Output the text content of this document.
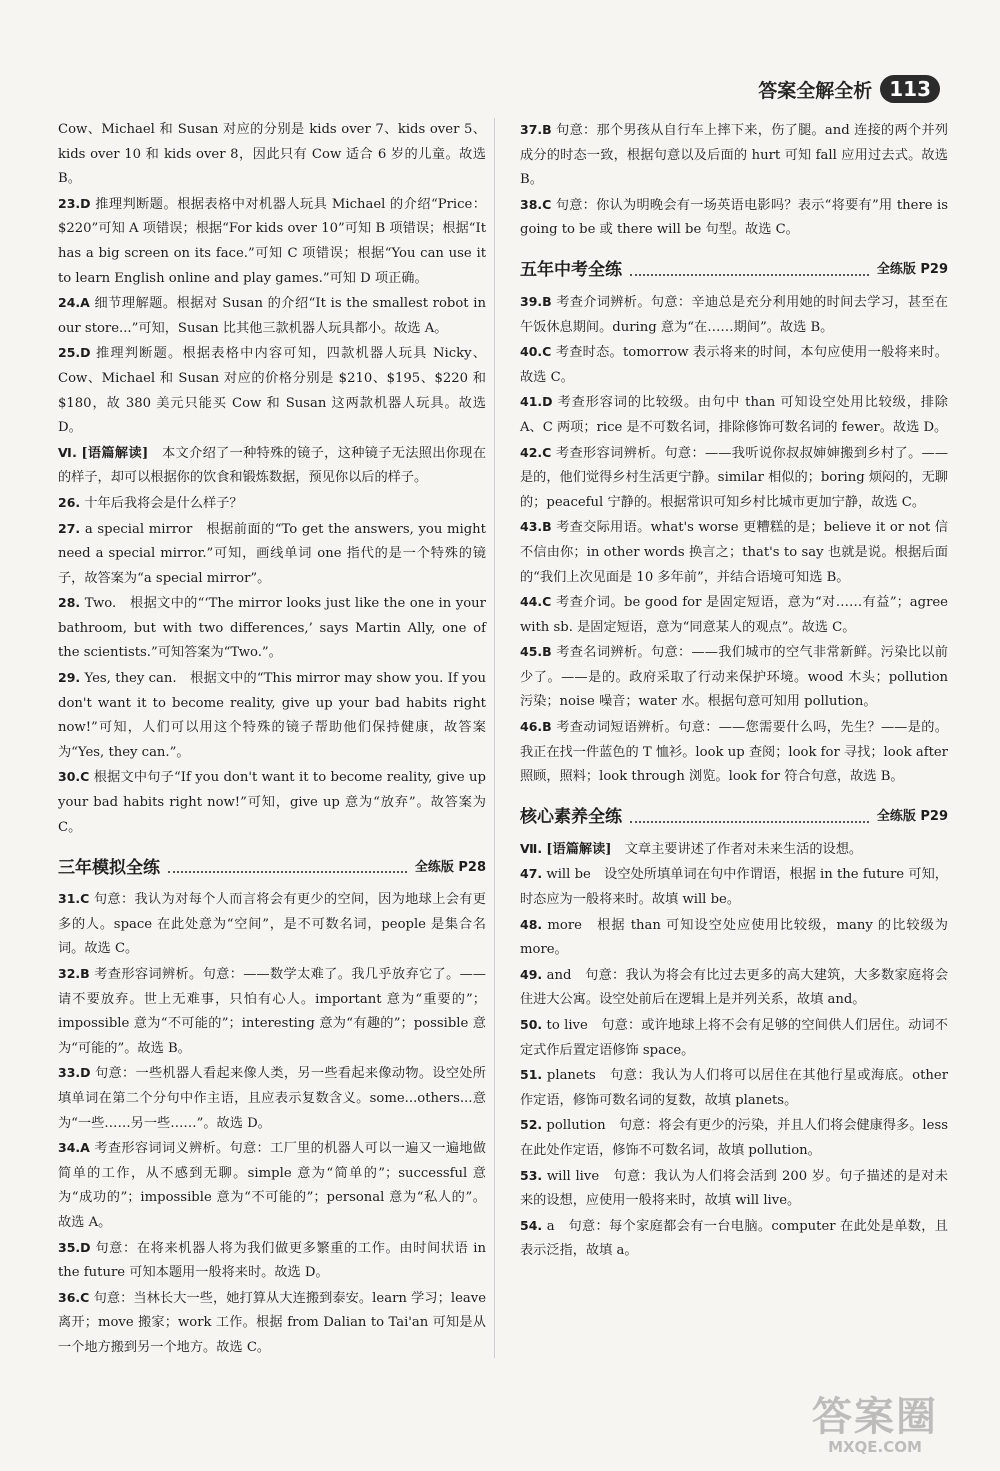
答案全解全析 113

Cow、Michael 和 Susan 对应的分别是 kids over 7、kids over 5、kids over 10 和 kids over 8，因此只有 Cow 适合 6 岁的儿童。故选 B。

23.D 推理判断题。根据表格中对机器人玩具 Michael 的介绍“Price：$220”可知 A 项错误；根据“For kids over 10”可知 B 项错误；根据“It has a big screen on its face.”可知 C 项错误；根据“You can use it to learn English online and play games.”可知 D 项正确。

24.A 细节理解题。根据对 Susan 的介绍“It is the smallest robot in our store...”可知，Susan 比其他三款机器人玩具都小。故选 A。

25.D 推理判断题。根据表格中内容可知，四款机器人玩具 Nicky、Cow、Michael 和 Susan 对应的价格分别是 $210、$195、$220 和 $180，故 380 美元只能买 Cow 和 Susan 这两款机器人玩具。故选 D。

Ⅵ. [语篇解读]　 本文介绍了一种特殊的镜子，这种镜子无法照出你现在的样子，却可以根据你的饮食和锻炼数据，预见你以后的样子。

26. 十年后我将会是什么样子？

27. a special mirror　根据前面的“To get the answers, you might need a special mirror.”可知，画线单词 one 指代的是一个特殊的镜子，故答案为“a special mirror”。

28. Two.　根据文中的“‘The mirror looks just like the one in your bathroom, but with two differences,’ says Martin Ally, one of the scientists.”可知答案为“Two.”。

29. Yes, they can.　根据文中的“This mirror may show you. If you don't want it to become reality, give up your bad habits right now!”可知，人们可以用这个特殊的镜子帮助他们保持健康，故答案为“Yes, they can.”。

30.C 根据文中句子“If you don't want it to become reality, give up your bad habits right now!”可知，give up 意为“放弃”。故答案为 C。

三年模拟全练	全练版 P28

31.C 句意：我认为对每个人而言将会有更少的空间，因为地球上会有更多的人。space 在此处意为“空间”，是不可数名词，people 是集合名词。故选 C。

32.B 考查形容词辨析。句意：——数学太难了。我几乎放弃它了。——请不要放弃。世上无难事，只怕有心人。important 意为“重要的”；impossible 意为“不可能的”；interesting 意为“有趣的”；possible 意为“可能的”。故选 B。

33.D 句意：一些机器人看起来像人类，另一些看起来像动物。设空处所填单词在第二个分句中作主语，且应表示复数含义。some...others...意为“一些……另一些……”。故选 D。

34.A 考查形容词词义辨析。句意：工厂里的机器人可以一遍又一遍地做简单的工作，从不感到无聊。simple 意为“简单的”；successful 意为“成功的”；impossible 意为“不可能的”；personal 意为“私人的”。故选 A。

35.D 句意：在将来机器人将为我们做更多繁重的工作。由时间状语 in the future 可知本题用一般将来时。故选 D。

36.C 句意：当林长大一些，她打算从大连搬到泰安。learn 学习；leave 离开；move 搬家；work 工作。根据 from Dalian to Tai'an 可知是从一个地方搬到另一个地方。故选 C。

37.B 句意：那个男孩从自行车上摔下来，伤了腿。and 连接的两个并列成分的时态一致，根据句意以及后面的 hurt 可知 fall 应用过去式。故选 B。

38.C 句意：你认为明晚会有一场英语电影吗？表示“将要有”用 there is going to be 或 there will be 句型。故选 C。

五年中考全练	全练版 P29

39.B 考查介词辨析。句意：辛迪总是充分利用她的时间去学习，甚至在午饭休息期间。during 意为“在……期间”。故选 B。

40.C 考查时态。tomorrow 表示将来的时间，本句应使用一般将来时。故选 C。

41.D 考查形容词的比较级。由句中 than 可知设空处用比较级，排除 A、C 两项；rice 是不可数名词，排除修饰可数名词的 fewer。故选 D。

42.C 考查形容词辨析。句意：——我听说你叔叔婶婶搬到乡村了。——是的，他们觉得乡村生活更宁静。similar 相似的；boring 烦闷的，无聊的；peaceful 宁静的。根据常识可知乡村比城市更加宁静，故选 C。

43.B 考查交际用语。what's worse 更糟糕的是；believe it or not 信不信由你；in other words 换言之；that's to say 也就是说。根据后面的“我们上次见面是 10 多年前”，并结合语境可知选 B。

44.C 考查介词。be good for 是固定短语，意为“对……有益”；agree with sb. 是固定短语，意为“同意某人的观点”。故选 C。

45.B 考查名词辨析。句意：——我们城市的空气非常新鲜。污染比以前少了。——是的。政府采取了行动来保护环境。wood 木头；pollution 污染；noise 噪音；water 水。根据句意可知用 pollution。

46.B 考查动词短语辨析。句意：——您需要什么吗，先生？——是的。我正在找一件蓝色的 T 恤衫。look up 查阅；look for 寻找；look after 照顾，照料；look through 浏览。look for 符合句意，故选 B。

核心素养全练	全练版 P29

Ⅶ. [语篇解读]　 文章主要讲述了作者对未来生活的设想。

47. will be　设空处所填单词在句中作谓语，根据 in the future 可知，时态应为一般将来时。故填 will be。

48. more　根据 than 可知设空处应使用比较级，many 的比较级为 more。

49. and　句意：我认为将会有比过去更多的高大建筑，大多数家庭将会住进大公寓。设空处前后在逻辑上是并列关系，故填 and。

50. to live　句意：或许地球上将不会有足够的空间供人们居住。动词不定式作后置定语修饰 space。

51. planets　句意：我认为人们将可以居住在其他行星或海底。other 作定语，修饰可数名词的复数，故填 planets。

52. pollution　句意：将会有更少的污染，并且人们将会健康得多。less 在此处作定语，修饰不可数名词，故填 pollution。

53. will live　句意：我认为人们将会活到 200 岁。句子描述的是对未来的设想，应使用一般将来时，故填 will live。

54. a　句意：每个家庭都会有一台电脑。computer 在此处是单数，且表示泛指，故填 a。

答案圈
MXQE.COM
